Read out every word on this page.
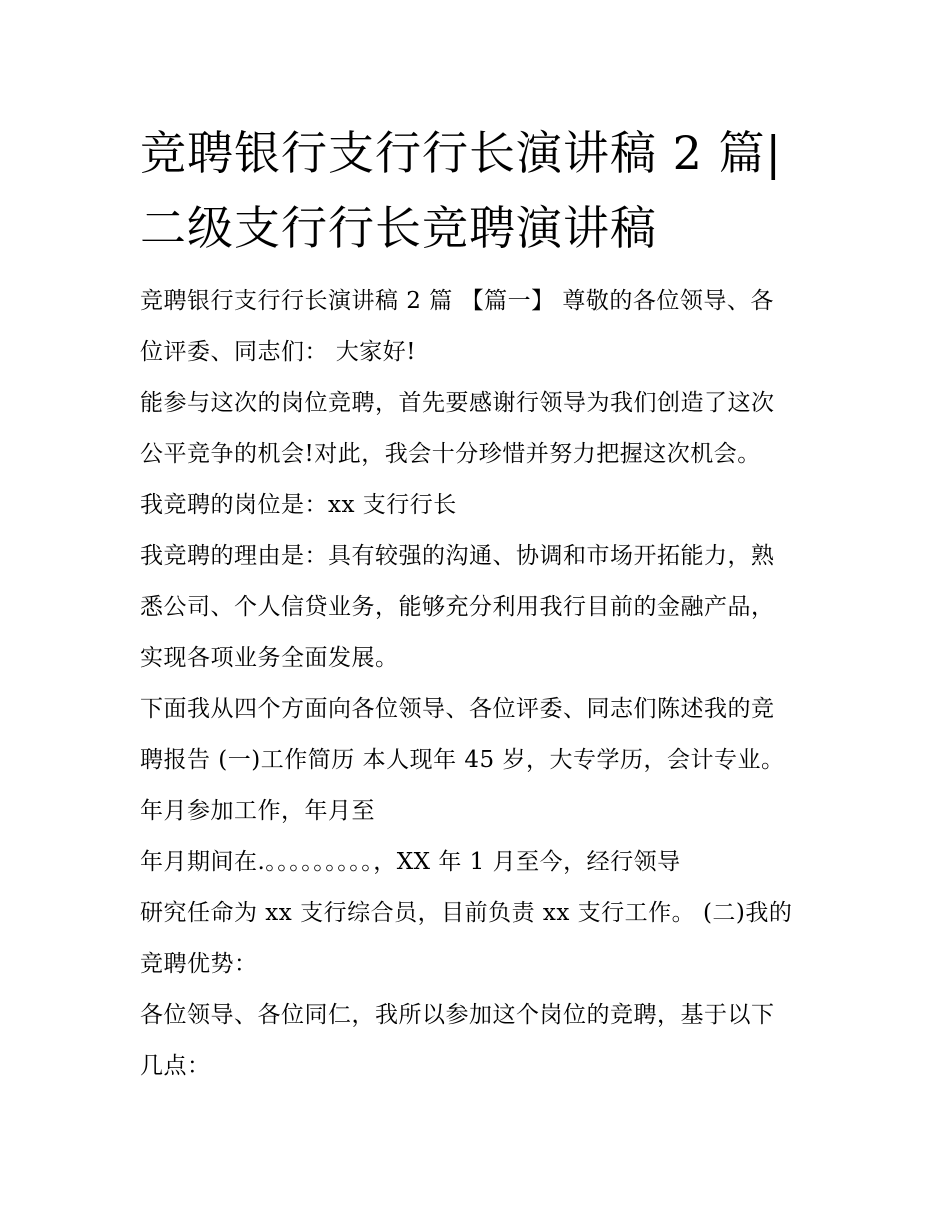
竞聘银行支行行长演讲稿 2 篇|
二级支行行长竞聘演讲稿

竞聘银行支行行长演讲稿 2 篇 【篇一】 尊敬的各位领导、各
位评委、同志们： 大家好!

能参与这次的岗位竞聘，首先要感谢行领导为我们创造了这次
公平竞争的机会!对此，我会十分珍惜并努力把握这次机会。

我竞聘的岗位是：xx 支行行长

我竞聘的理由是：具有较强的沟通、协调和市场开拓能力，熟
悉公司、个人信贷业务，能够充分利用我行目前的金融产品，
实现各项业务全面发展。

下面我从四个方面向各位领导、各位评委、同志们陈述我的竞
聘报告 (一)工作简历 本人现年 45 岁，大专学历，会计专业。
年月参加工作，年月至

年月期间在.。。。。。。。。。，XX 年 1 月至今，经行领导
研究任命为 xx 支行综合员，目前负责 xx 支行工作。 (二)我的
竞聘优势：

各位领导、各位同仁，我所以参加这个岗位的竞聘，基于以下
几点：
